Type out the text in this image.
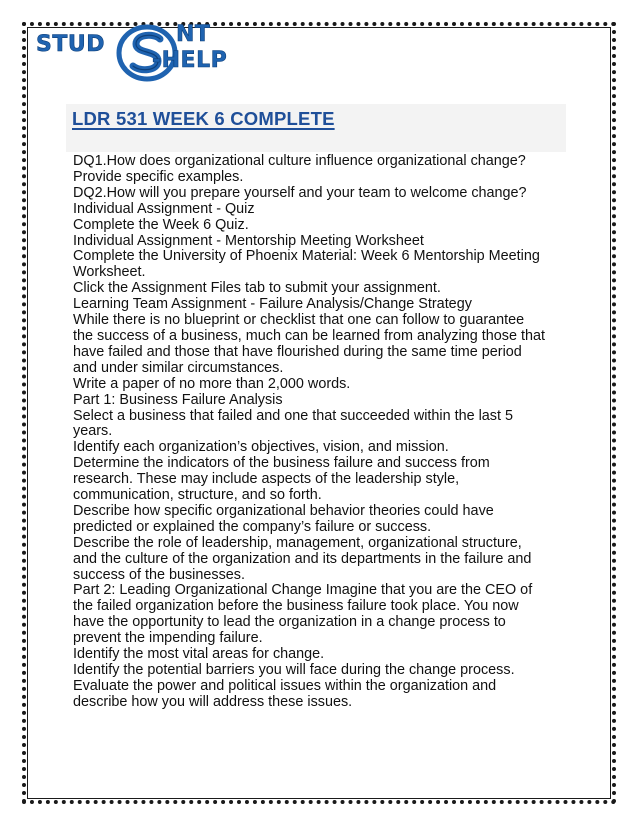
STUD	NT
-HELP
LDR 531 WEEK 6 COMPLETE
DQ1.How does organizational culture influence organizational change?
Provide specific examples.
DQ2.How will you prepare yourself and your team to welcome change?
Individual Assignment - Quiz
Complete the Week 6 Quiz.
Individual Assignment - Mentorship Meeting Worksheet
Complete the University of Phoenix Material: Week 6 Mentorship Meeting
Worksheet.
Click the Assignment Files tab to submit your assignment.
Learning Team Assignment - Failure Analysis/Change Strategy
While there is no blueprint or checklist that one can follow to guarantee
the success of a business, much can be learned from analyzing those that
have failed and those that have flourished during the same time period
and under similar circumstances.
Write a paper of no more than 2,000 words.
Part 1: Business Failure Analysis
Select a business that failed and one that succeeded within the last 5
years.
Identify each organization’s objectives, vision, and mission.
Determine the indicators of the business failure and success from
research. These may include aspects of the leadership style,
communication, structure, and so forth.
Describe how specific organizational behavior theories could have
predicted or explained the company’s failure or success.
Describe the role of leadership, management, organizational structure,
and the culture of the organization and its departments in the failure and
success of the businesses.
Part 2: Leading Organizational Change Imagine that you are the CEO of
the failed organization before the business failure took place. You now
have the opportunity to lead the organization in a change process to
prevent the impending failure.
Identify the most vital areas for change.
Identify the potential barriers you will face during the change process.
Evaluate the power and political issues within the organization and
describe how you will address these issues.
